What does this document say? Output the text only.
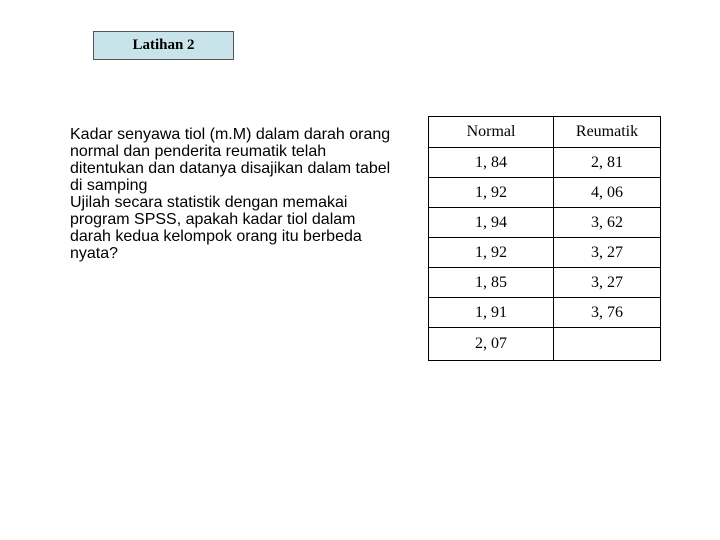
Latihan 2

Kadar senyawa tiol (m.M) dalam darah orang normal dan penderita reumatik telah ditentukan dan datanya disajikan dalam tabel di samping

Ujilah secara statistik dengan memakai program SPSS, apakah kadar tiol dalam darah kedua kelompok orang itu berbeda nyata?

Normal	Reumatik
1, 84	2, 81
1, 92	4, 06
1, 94	3, 62
1, 92	3, 27
1, 85	3, 27
1, 91	3, 76
2, 07	
